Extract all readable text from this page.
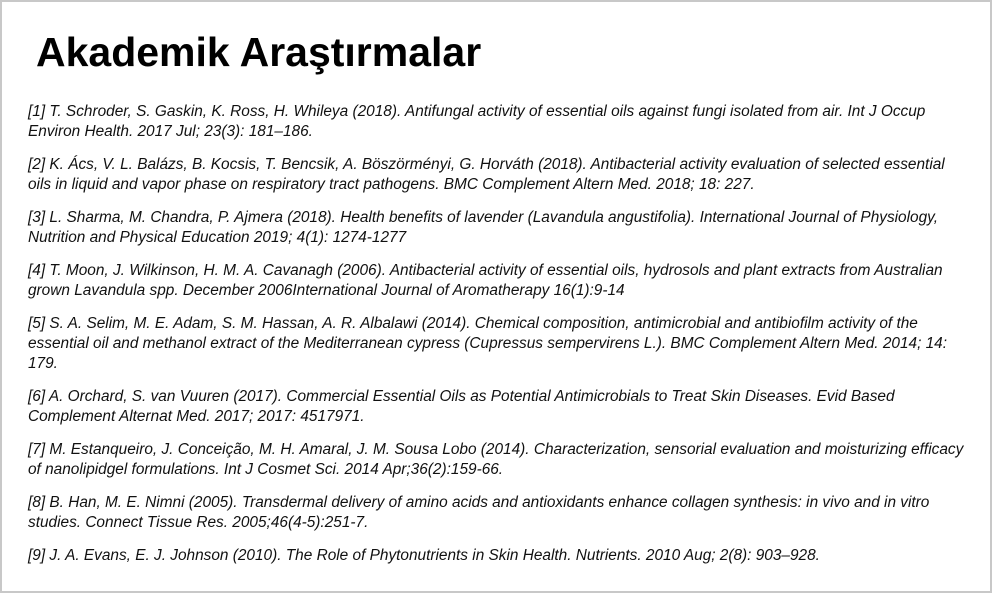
Akademik Araştırmalar
[1] T. Schroder, S. Gaskin, K. Ross, H. Whileya (2018). Antifungal activity of essential oils against fungi isolated from air. Int J Occup Environ Health. 2017 Jul; 23(3): 181–186.
[2] K. Ács, V. L. Balázs, B. Kocsis, T. Bencsik, A. Böszörményi, G. Horváth (2018). Antibacterial activity evaluation of selected essential oils in liquid and vapor phase on respiratory tract pathogens. BMC Complement Altern Med. 2018; 18: 227.
[3] L. Sharma, M. Chandra, P. Ajmera (2018). Health benefits of lavender (Lavandula angustifolia). International Journal of Physiology, Nutrition and Physical Education 2019; 4(1): 1274-1277
[4] T. Moon, J. Wilkinson, H. M. A. Cavanagh (2006). Antibacterial activity of essential oils, hydrosols and plant extracts from Australian grown Lavandula spp. December 2006International Journal of Aromatherapy 16(1):9-14
[5] S. A. Selim, M. E. Adam, S. M. Hassan, A. R. Albalawi (2014). Chemical composition, antimicrobial and antibiofilm activity of the essential oil and methanol extract of the Mediterranean cypress (Cupressus sempervirens L.). BMC Complement Altern Med. 2014; 14: 179.
[6] A. Orchard, S. van Vuuren (2017). Commercial Essential Oils as Potential Antimicrobials to Treat Skin Diseases. Evid Based Complement Alternat Med. 2017; 2017: 4517971.
[7] M. Estanqueiro, J. Conceição, M. H. Amaral, J. M. Sousa Lobo (2014). Characterization, sensorial evaluation and moisturizing efficacy of nanolipidgel formulations. Int J Cosmet Sci. 2014 Apr;36(2):159-66.
[8] B. Han, M. E. Nimni (2005). Transdermal delivery of amino acids and antioxidants enhance collagen synthesis: in vivo and in vitro studies. Connect Tissue Res. 2005;46(4-5):251-7.
[9] J. A. Evans, E. J. Johnson (2010). The Role of Phytonutrients in Skin Health. Nutrients. 2010 Aug; 2(8): 903–928.
